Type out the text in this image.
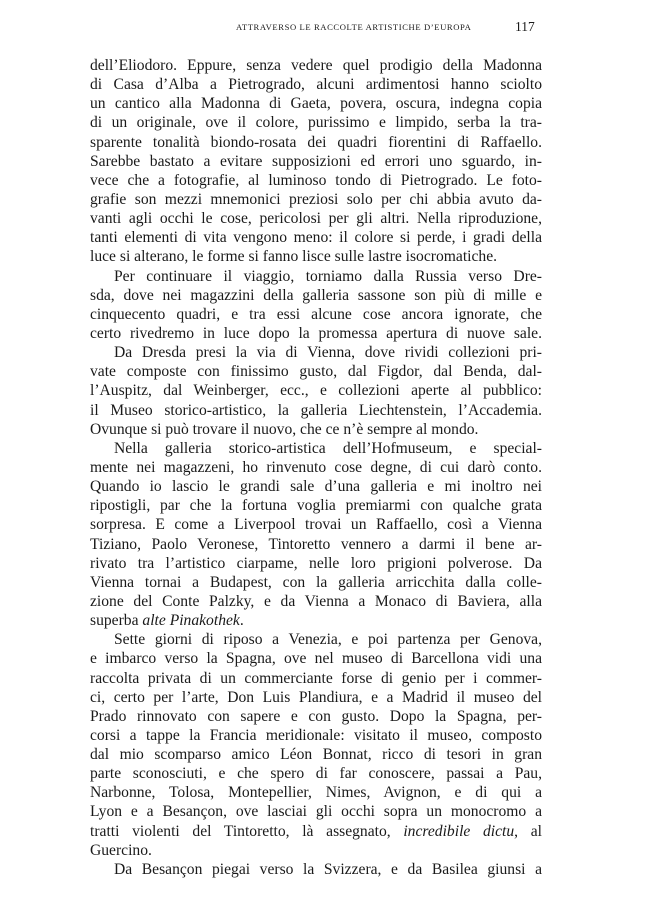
ATTRAVERSO LE RACCOLTE ARTISTICHE D’EUROPA	117
dell’Eliodoro. Eppure, senza vedere quel prodigio della Madonna
di Casa d’Alba a Pietrogrado, alcuni ardimentosi hanno sciolto
un cantico alla Madonna di Gaeta, povera, oscura, indegna copia
di un originale, ove il colore, purissimo e limpido, serba la tra-
sparente tonalità biondo-rosata dei quadri fiorentini di Raffaello.
Sarebbe bastato a evitare supposizioni ed errori uno sguardo, in-
vece che a fotografie, al luminoso tondo di Pietrogrado. Le foto-
grafie son mezzi mnemonici preziosi solo per chi abbia avuto da-
vanti agli occhi le cose, pericolosi per gli altri. Nella riproduzione,
tanti elementi di vita vengono meno: il colore si perde, i gradi della
luce si alterano, le forme si fanno lisce sulle lastre isocromatiche.
Per continuare il viaggio, torniamo dalla Russia verso Dre-
sda, dove nei magazzini della galleria sassone son più di mille e
cinquecento quadri, e tra essi alcune cose ancora ignorate, che
certo rivedremo in luce dopo la promessa apertura di nuove sale.
Da Dresda presi la via di Vienna, dove rividi collezioni pri-
vate composte con finissimo gusto, dal Figdor, dal Benda, dal-
l’Auspitz, dal Weinberger, ecc., e collezioni aperte al pubblico:
il Museo storico-artistico, la galleria Liechtenstein, l’Accademia.
Ovunque si può trovare il nuovo, che ce n’è sempre al mondo.
Nella galleria storico-artistica dell’Hofmuseum, e special-
mente nei magazzeni, ho rinvenuto cose degne, di cui darò conto.
Quando io lascio le grandi sale d’una galleria e mi inoltro nei
ripostigli, par che la fortuna voglia premiarmi con qualche grata
sorpresa. E come a Liverpool trovai un Raffaello, così a Vienna
Tiziano, Paolo Veronese, Tintoretto vennero a darmi il bene ar-
rivato tra l’artistico ciarpame, nelle loro prigioni polverose. Da
Vienna tornai a Budapest, con la galleria arricchita dalla colle-
zione del Conte Palzky, e da Vienna a Monaco di Baviera, alla
superba alte Pinakothek.
Sette giorni di riposo a Venezia, e poi partenza per Genova,
e imbarco verso la Spagna, ove nel museo di Barcellona vidi una
raccolta privata di un commerciante forse di genio per i commer-
ci, certo per l’arte, Don Luis Plandiura, e a Madrid il museo del
Prado rinnovato con sapere e con gusto. Dopo la Spagna, per-
corsi a tappe la Francia meridionale: visitato il museo, composto
dal mio scomparso amico Léon Bonnat, ricco di tesori in gran
parte sconosciuti, e che spero di far conoscere, passai a Pau,
Narbonne, Tolosa, Montepellier, Nimes, Avignon, e di qui a
Lyon e a Besançon, ove lasciai gli occhi sopra un monocromo a
tratti violenti del Tintoretto, là assegnato, incredibile dictu, al
Guercino.
Da Besançon piegai verso la Svizzera, e da Basilea giunsi a
